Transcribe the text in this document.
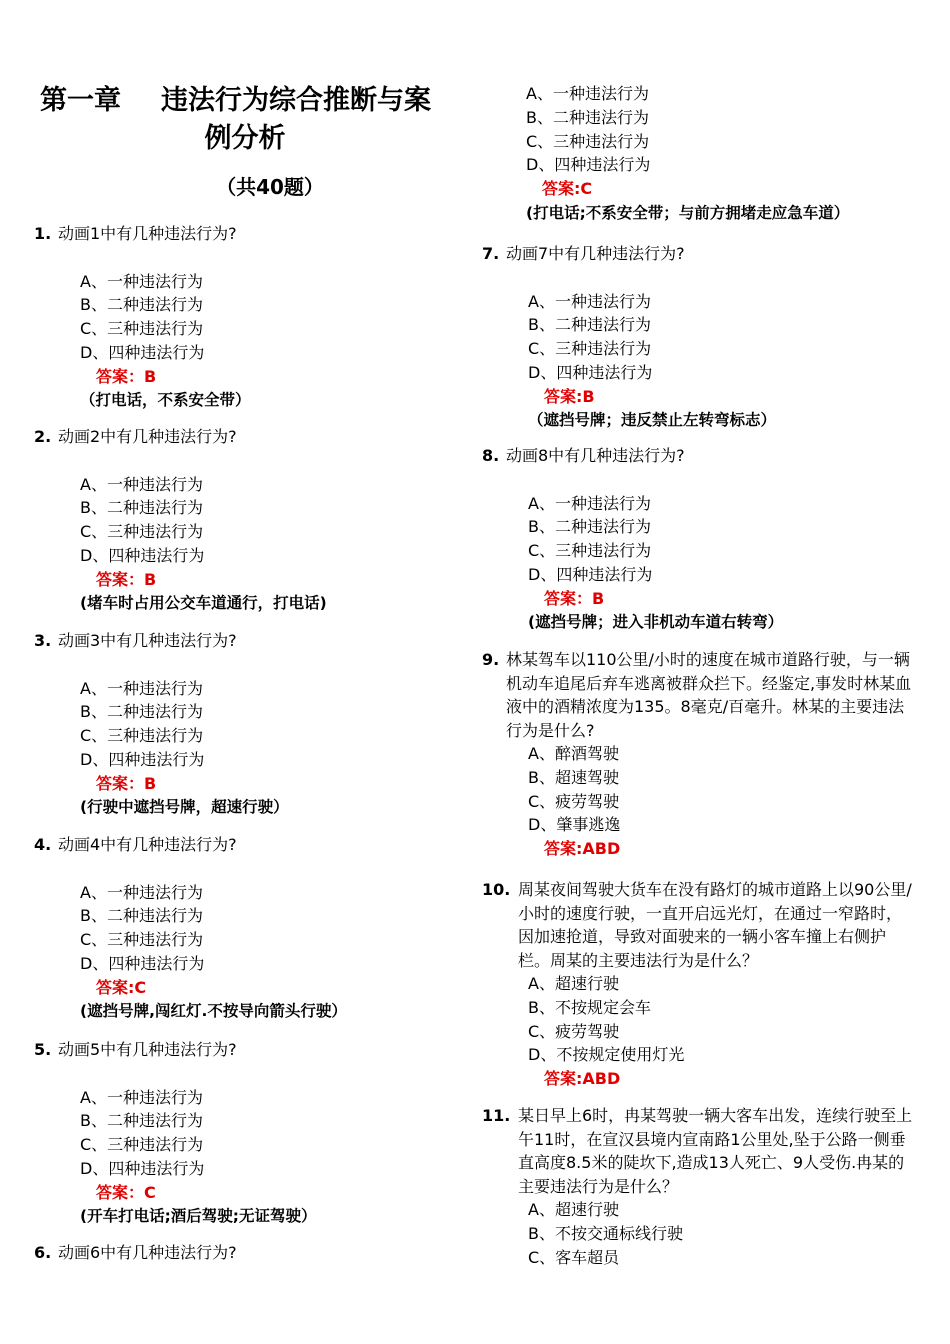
第一章 违法行为综合推断与案
例分析
（共40题）
1. 动画1中有几种违法行为?
A、一种违法行为
B、二种违法行为
C、三种违法行为
D、四种违法行为
答案：B
（打电话，不系安全带）
2. 动画2中有几种违法行为?
A、一种违法行为
B、二种违法行为
C、三种违法行为
D、四种违法行为
答案：B
(堵车时占用公交车道通行，打电话)
3. 动画3中有几种违法行为?
A、一种违法行为
B、二种违法行为
C、三种违法行为
D、四种违法行为
答案：B
(行驶中遮挡号牌，超速行驶）
4. 动画4中有几种违法行为?
A、一种违法行为
B、二种违法行为
C、三种违法行为
D、四种违法行为
答案:C
(遮挡号牌,闯红灯.不按导向箭头行驶）
5. 动画5中有几种违法行为?
A、一种违法行为
B、二种违法行为
C、三种违法行为
D、四种违法行为
答案：C
(开车打电话;酒后驾驶;无证驾驶）
6. 动画6中有几种违法行为?
A、一种违法行为
B、二种违法行为
C、三种违法行为
D、四种违法行为
答案:C
(打电话;不系安全带；与前方拥堵走应急车道）
7. 动画7中有几种违法行为?
A、一种违法行为
B、二种违法行为
C、三种违法行为
D、四种违法行为
答案:B
（遮挡号牌；违反禁止左转弯标志）
8. 动画8中有几种违法行为?
A、一种违法行为
B、二种违法行为
C、三种违法行为
D、四种违法行为
答案：B
(遮挡号牌；进入非机动车道右转弯）
9. 林某驾车以110公里/小时的速度在城市道路行驶，与一辆机动车追尾后弃车逃离被群众拦下。经鉴定,事发时林某血液中的酒精浓度为135。8毫克/百毫升。林某的主要违法行为是什么?
A、醉酒驾驶
B、超速驾驶
C、疲劳驾驶
D、肇事逃逸
答案:ABD
10. 周某夜间驾驶大货车在没有路灯的城市道路上以90公里/小时的速度行驶，一直开启远光灯，在通过一窄路时，因加速抢道，导致对面驶来的一辆小客车撞上右侧护栏。周某的主要违法行为是什么？
A、超速行驶
B、不按规定会车
C、疲劳驾驶
D、不按规定使用灯光
答案:ABD
11. 某日早上6时，冉某驾驶一辆大客车出发，连续行驶至上午11时，在宣汉县境内宣南路1公里处,坠于公路一侧垂直高度8.5米的陡坎下,造成13人死亡、9人受伤.冉某的主要违法行为是什么？
A、超速行驶
B、不按交通标线行驶
C、客车超员
